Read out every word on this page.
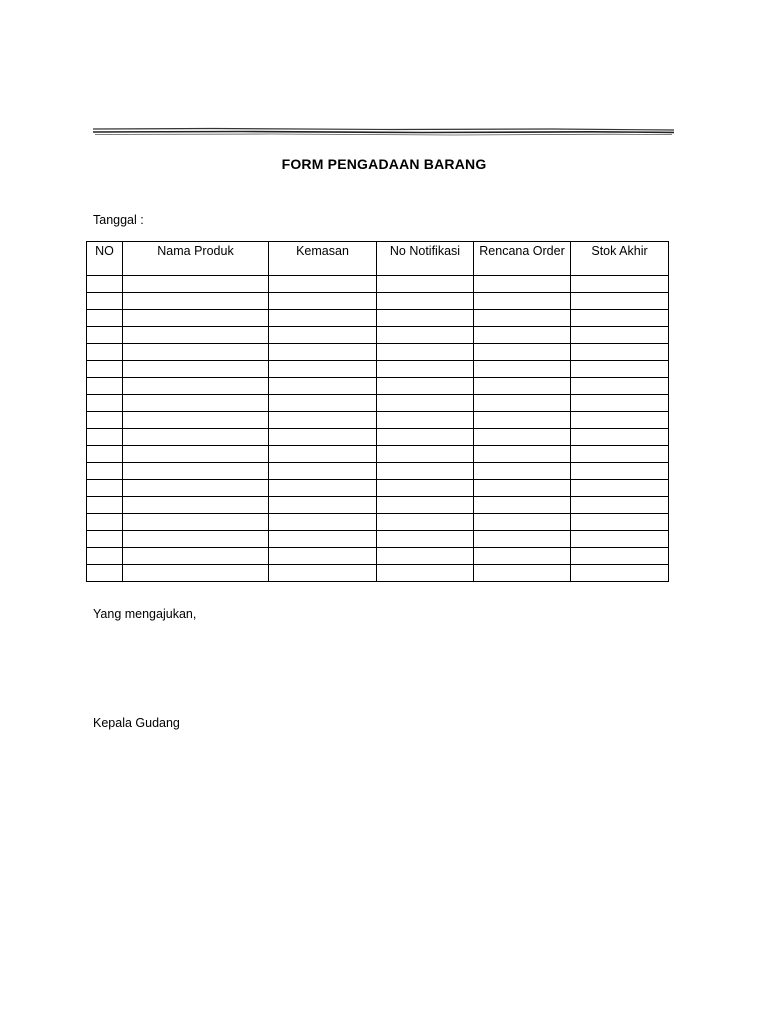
FORM PENGADAAN BARANG
Tanggal :
NO	Nama Produk	Kemasan	No Notifikasi	Rencana Order	Stok Akhir

Yang mengajukan,
Kepala Gudang
